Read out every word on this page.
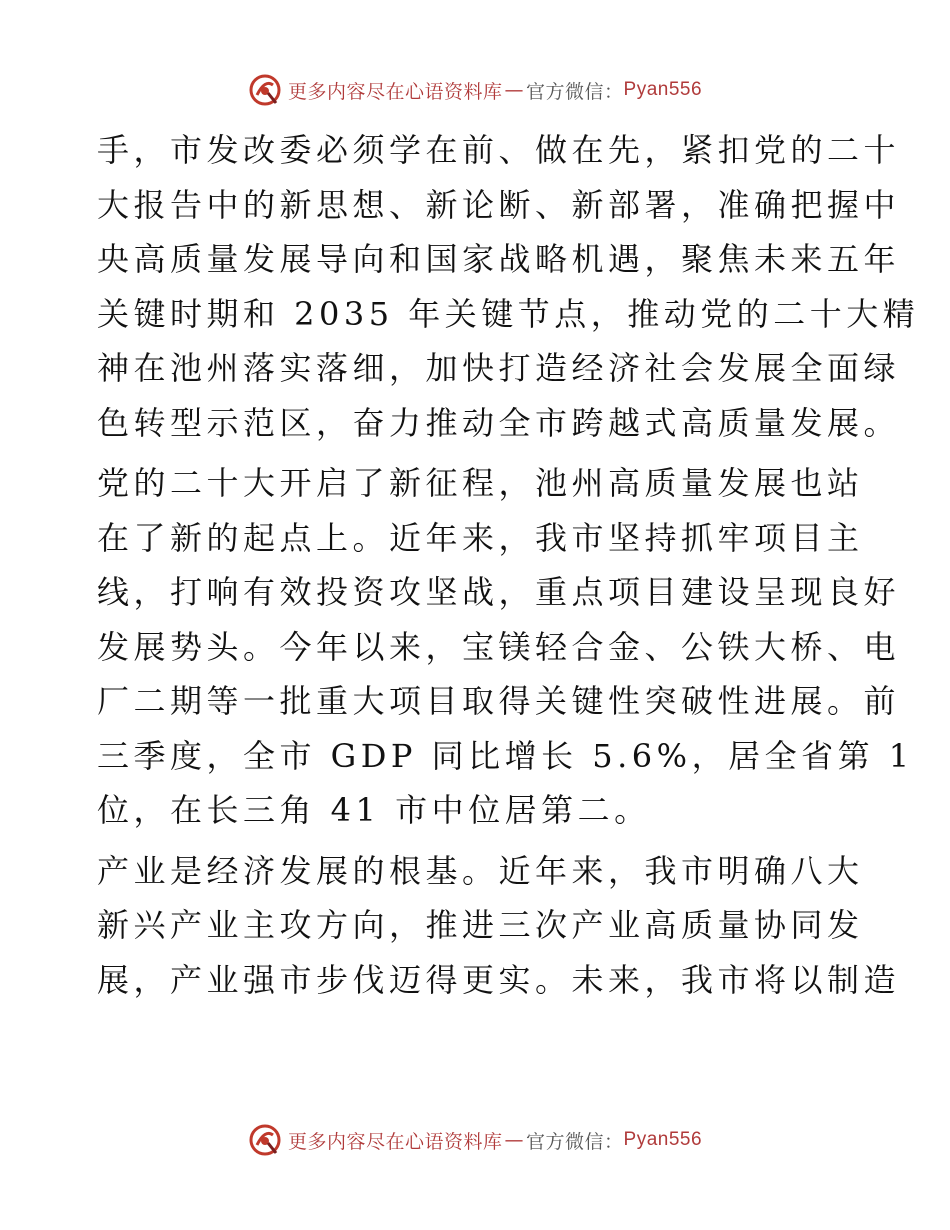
更多内容尽在心语资料库 — 官方微信 ： Pyan556

手，市发改委必须学在前、做在先，紧扣党的二十
大报告中的新思想、新论断、新部署，准确把握中
央高质量发展导向和国家战略机遇，聚焦未来五年
关键时期和 2035 年关键节点，推动党的二十大精
神在池州落实落细，加快打造经济社会发展全面绿
色转型示范区，奋力推动全市跨越式高质量发展。

党的二十大开启了新征程，池州高质量发展也站
在了新的起点上。近年来，我市坚持抓牢项目主
线，打响有效投资攻坚战，重点项目建设呈现良好
发展势头。今年以来，宝镁轻合金、公铁大桥、电
厂二期等一批重大项目取得关键性突破性进展。前
三季度，全市 GDP 同比增长 5.6%，居全省第 1
位，在长三角 41 市中位居第二。

产业是经济发展的根基。近年来，我市明确八大
新兴产业主攻方向，推进三次产业高质量协同发
展，产业强市步伐迈得更实。未来，我市将以制造

更多内容尽在心语资料库 — 官方微信 ： Pyan556
